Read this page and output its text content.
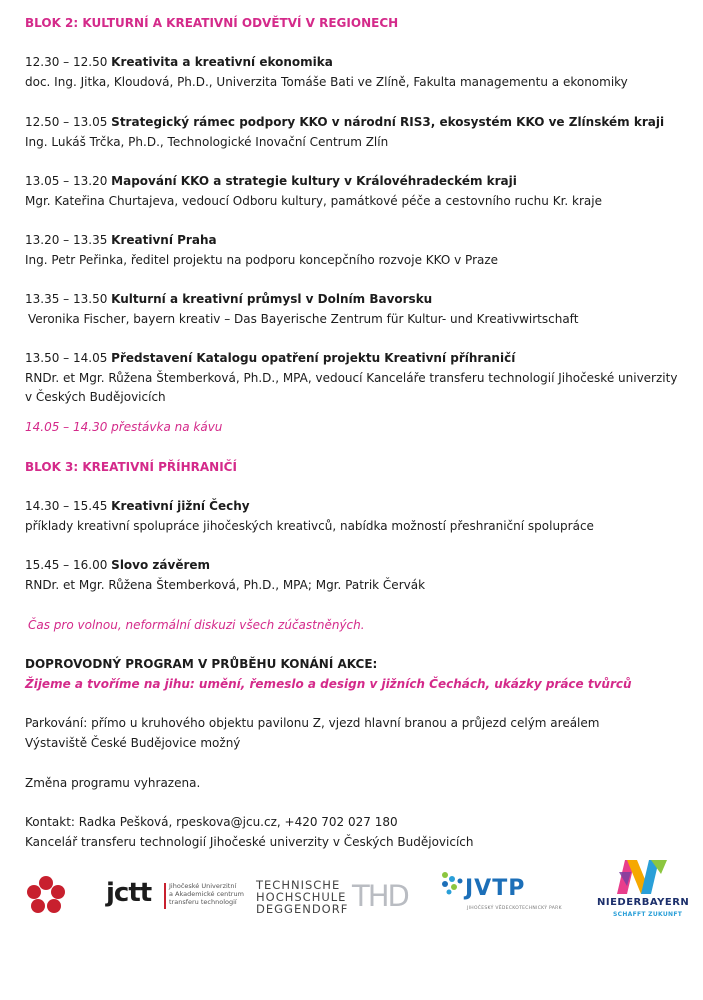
BLOK 2: KULTURNÍ A KREATIVNÍ ODVĚTVÍ V REGIONECH
12.30 – 12.50 Kreativita a kreativní ekonomika
doc. Ing. Jitka, Kloudová, Ph.D., Univerzita Tomáše Bati ve Zlíně, Fakulta managementu a ekonomiky
12.50 – 13.05 Strategický rámec podpory KKO v národní RIS3, ekosystém KKO ve Zlínském kraji
Ing. Lukáš Trčka, Ph.D., Technologické Inovační Centrum Zlín
13.05 – 13.20 Mapování KKO a strategie kultury v Královéhradeckém kraji
Mgr. Kateřina Churtajeva, vedoucí Odboru kultury, památkové péče a cestovního ruchu Kr. kraje
13.20 – 13.35 Kreativní Praha
Ing. Petr Peřinka, ředitel projektu na podporu koncepčního rozvoje KKO v Praze
13.35 – 13.50 Kulturní a kreativní průmysl v Dolním Bavorsku
Veronika Fischer, bayern kreativ – Das Bayerische Zentrum für Kultur- und Kreativwirtschaft
13.50 – 14.05 Představení Katalogu opatření projektu Kreativní příhraničí
RNDr. et Mgr. Růžena Štemberková, Ph.D., MPA, vedoucí Kanceláře transferu technologií Jihočeské univerzity
v Českých Budějovicích
14.05 – 14.30 přestávka na kávu
BLOK 3: KREATIVNÍ PŘÍHRANIČÍ
14.30 – 15.45 Kreativní jižní Čechy
příklady kreativní spolupráce jihočeských kreativců, nabídka možností přeshraniční spolupráce
15.45 – 16.00 Slovo závěrem
RNDr. et Mgr. Růžena Štemberková, Ph.D., MPA; Mgr. Patrik Červák
Čas pro volnou, neformální diskuzi všech zúčastněných.
DOPROVODNÝ PROGRAM V PRŮBĚHU KONÁNÍ AKCE:
Žijeme a tvoříme na jihu: umění, řemeslo a design v jižních Čechách, ukázky práce tvůrců
Parkování: přímo u kruhového objektu pavilonu Z, vjezd hlavní branou a průjezd celým areálem
Výstaviště České Budějovice možný
Změna programu vyhrazena.
Kontakt: Radka Pešková, rpeskova@jcu.cz, +420 702 027 180
Kancelář transferu technologií Jihočeské univerzity v Českých Budějovicích
jctt	Jihočeské Univerzitní
a Akademické centrum
transferu technologií
TECHNISCHE
HOCHSCHULE
DEGGENDORF THD	JVTP
JIHOČESKÝ VĚDECKOTECHNICKÝ PARK
NIEDERBAYERN
SCHAFFT ZUKUNFT
